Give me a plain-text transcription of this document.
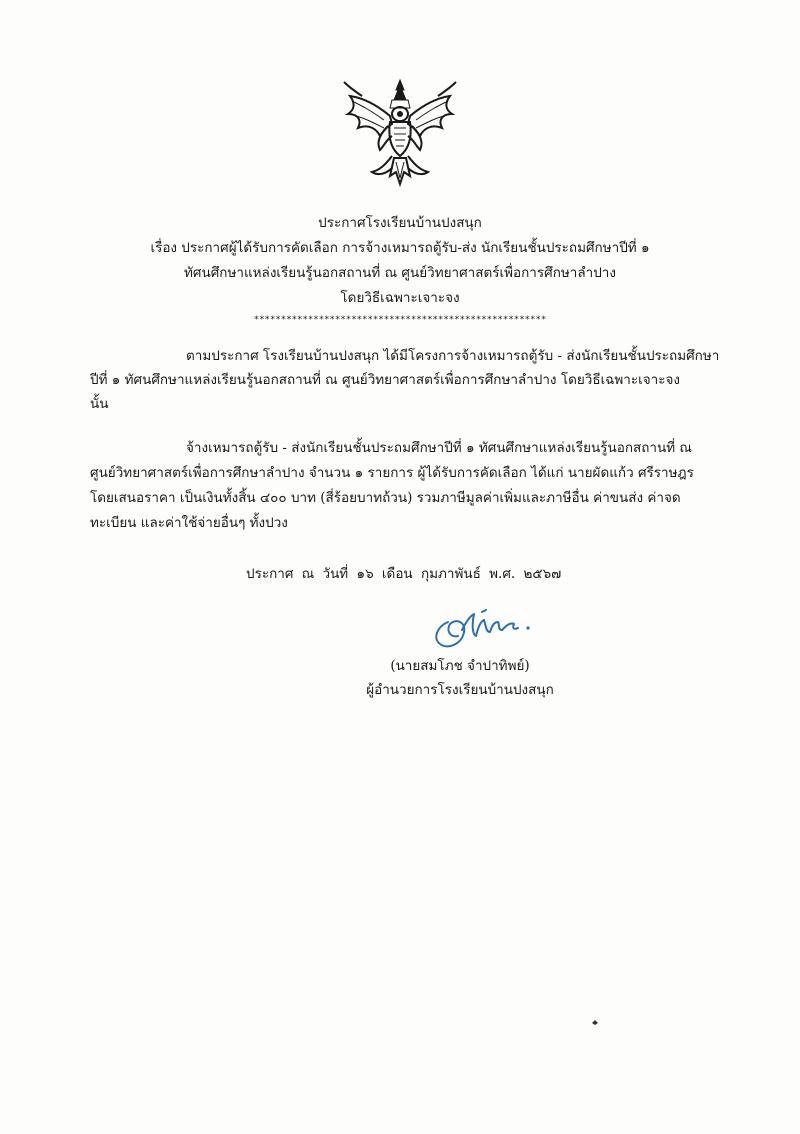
ประกาศโรงเรียนบ้านปงสนุก
เรื่อง ประกาศผู้ได้รับการคัดเลือก การจ้างเหมารถตู้รับ-ส่ง นักเรียนชั้นประถมศึกษาปีที่ ๑
ทัศนศึกษาแหล่งเรียนรู้นอกสถานที่ ณ ศูนย์วิทยาศาสตร์เพื่อการศึกษาลำปาง
โดยวิธีเฉพาะเจาะจง
******************************************************
ตามประกาศ โรงเรียนบ้านปงสนุก ได้มีโครงการจ้างเหมารถตู้รับ - ส่งนักเรียนชั้นประถมศึกษา
ปีที่ ๑ ทัศนศึกษาแหล่งเรียนรู้นอกสถานที่ ณ ศูนย์วิทยาศาสตร์เพื่อการศึกษาลำปาง โดยวิธีเฉพาะเจาะจง
นั้น
จ้างเหมารถตู้รับ - ส่งนักเรียนชั้นประถมศึกษาปีที่ ๑ ทัศนศึกษาแหล่งเรียนรู้นอกสถานที่ ณ
ศูนย์วิทยาศาสตร์เพื่อการศึกษาลำปาง จำนวน ๑ รายการ ผู้ได้รับการคัดเลือก ได้แก่ นายผัดแก้ว ศรีราษฎร
โดยเสนอราคา เป็นเงินทั้งสิ้น ๔๐๐ บาท (สี่ร้อยบาทถ้วน) รวมภาษีมูลค่าเพิ่มและภาษีอื่น ค่าขนส่ง ค่าจด
ทะเบียน และค่าใช้จ่ายอื่นๆ ทั้งปวง
ประกาศ ณ วันที่ ๑๖ เดือน กุมภาพันธ์ พ.ศ. ๒๕๖๗
(นายสมโภช จำปาทิพย์)
ผู้อำนวยการโรงเรียนบ้านปงสนุก
